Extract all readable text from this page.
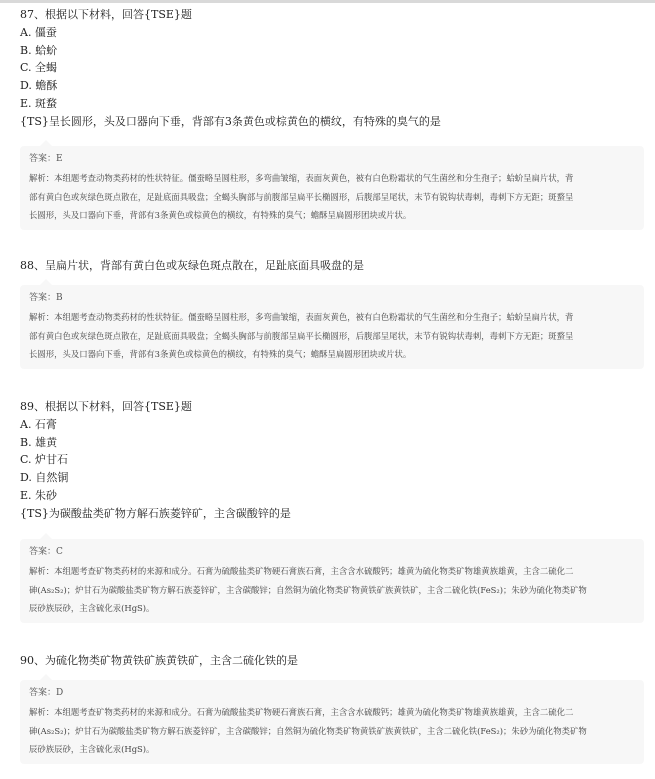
87、根据以下材料，回答{TSE}题
A. 僵蚕
B. 蛤蚧
C. 全蝎
D. 蟾酥
E. 斑蝥
{TS}呈长圆形，头及口器向下垂，背部有3条黄色或棕黄色的横纹，有特殊的臭气的是
答案：E
解析：本组题考查动物类药材的性状特征。僵蚕略呈圆柱形，多弯曲皱缩，表面灰黄色，被有白色粉霜状的气生菌丝和分生孢子；蛤蚧呈扁片状，背
部有黄白色或灰绿色斑点散在，足趾底面具吸盘；全蝎头胸部与前腹部呈扁平长椭圆形，后腹部呈尾状，末节有锐钩状毒刺，毒刺下方无距；斑蝥呈
长圆形，头及口器向下垂，背部有3条黄色或棕黄色的横纹，有特殊的臭气；蟾酥呈扁圆形团块或片状。
88、呈扁片状，背部有黄白色或灰绿色斑点散在，足趾底面具吸盘的是
答案：B
解析：本组题考查动物类药材的性状特征。僵蚕略呈圆柱形，多弯曲皱缩，表面灰黄色，被有白色粉霜状的气生菌丝和分生孢子；蛤蚧呈扁片状，背
部有黄白色或灰绿色斑点散在，足趾底面具吸盘；全蝎头胸部与前腹部呈扁平长椭圆形，后腹部呈尾状，末节有锐钩状毒刺，毒刺下方无距；斑蝥呈
长圆形，头及口器向下垂，背部有3条黄色或棕黄色的横纹，有特殊的臭气；蟾酥呈扁圆形团块或片状。
89、根据以下材料，回答{TSE}题
A. 石膏
B. 雄黄
C. 炉甘石
D. 自然铜
E. 朱砂
{TS}为碳酸盐类矿物方解石族菱锌矿，主含碳酸锌的是
答案：C
解析：本组题考查矿物类药材的来源和成分。石膏为硫酸盐类矿物硬石膏族石膏，主含含水硫酸钙；雄黄为硫化物类矿物雄黄族雄黄，主含二硫化二
砷(As₂S₂)；炉甘石为碳酸盐类矿物方解石族菱锌矿，主含碳酸锌；自然铜为硫化物类矿物黄铁矿族黄铁矿，主含二硫化铁(FeS₂)；朱砂为硫化物类矿物
辰砂族辰砂，主含硫化汞(HgS)。
90、为硫化物类矿物黄铁矿族黄铁矿，主含二硫化铁的是
答案：D
解析：本组题考查矿物类药材的来源和成分。石膏为硫酸盐类矿物硬石膏族石膏，主含含水硫酸钙；雄黄为硫化物类矿物雄黄族雄黄，主含二硫化二
砷(As₂S₂)；炉甘石为碳酸盐类矿物方解石族菱锌矿，主含碳酸锌；自然铜为硫化物类矿物黄铁矿族黄铁矿，主含二硫化铁(FeS₂)；朱砂为硫化物类矿物
辰砂族辰砂，主含硫化汞(HgS)。
